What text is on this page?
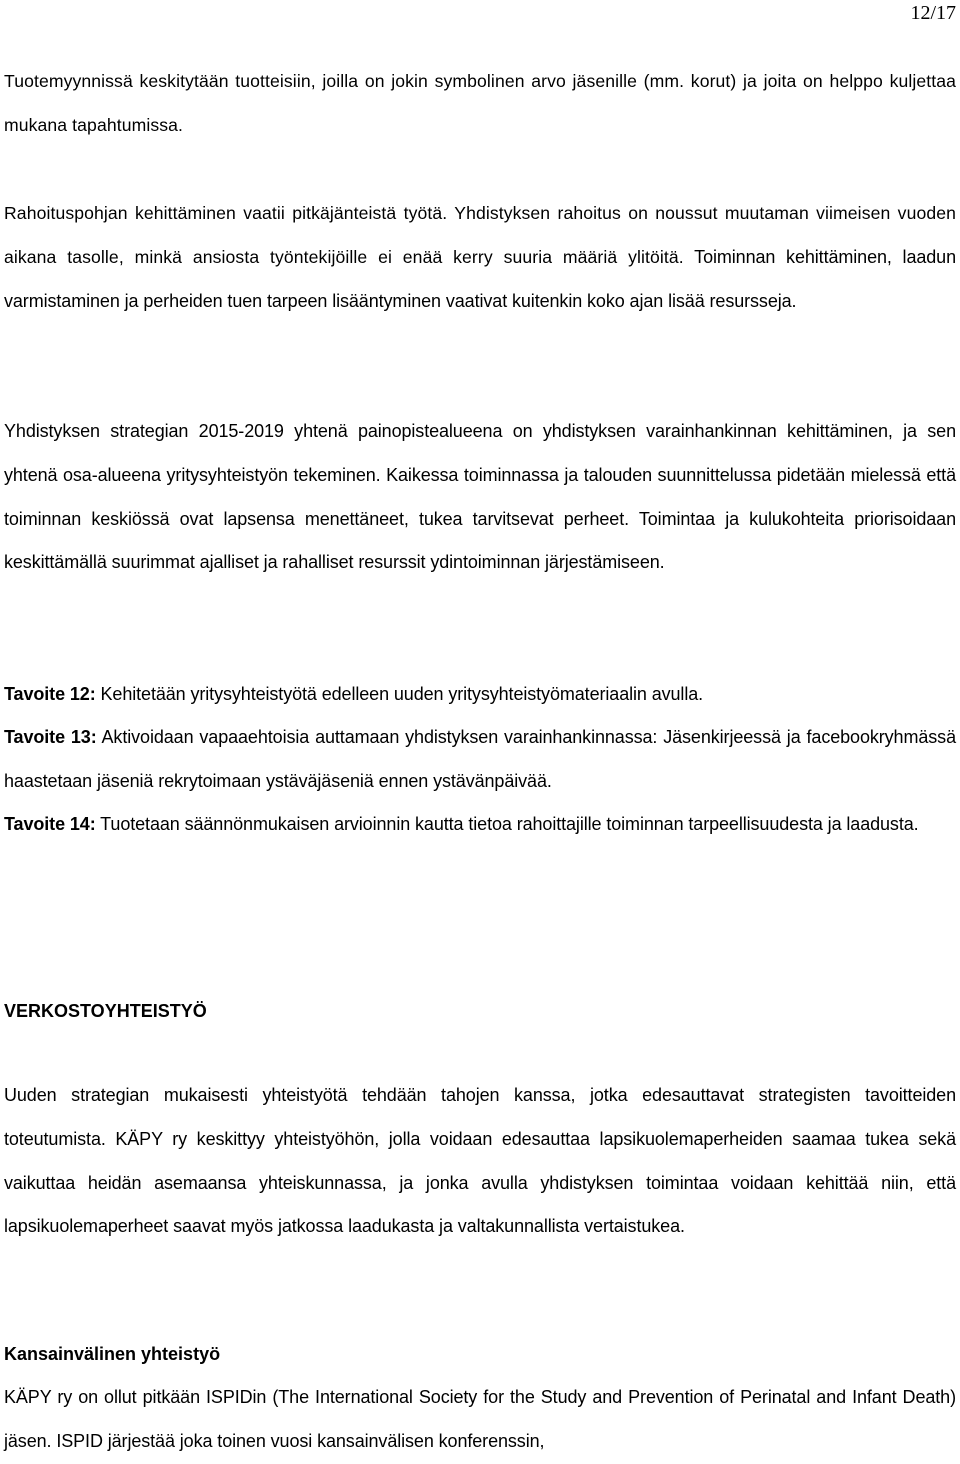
12/17

Tuotemyynnissä keskitytään tuotteisiin, joilla on jokin symbolinen arvo jäsenille (mm. korut) ja joita on helppo kuljettaa mukana tapahtumissa.

Rahoituspohjan kehittäminen vaatii pitkäjänteistä työtä. Yhdistyksen rahoitus on noussut muutaman viimeisen vuoden aikana tasolle, minkä ansiosta työntekijöille ei enää kerry suuria määriä ylitöitä. Toiminnan kehittäminen, laadun varmistaminen ja perheiden tuen tarpeen lisääntyminen vaativat kuitenkin koko ajan lisää resursseja.

Yhdistyksen strategian 2015-2019 yhtenä painopistealueena on yhdistyksen varainhankinnan kehittäminen, ja sen yhtenä osa-alueena yritysyhteistyön tekeminen. Kaikessa toiminnassa ja talouden suunnittelussa pidetään mielessä että toiminnan keskiössä ovat lapsensa menettäneet, tukea tarvitsevat perheet. Toimintaa ja kulukohteita priorisoidaan keskittämällä suurimmat ajalliset ja rahalliset resurssit ydintoiminnan järjestämiseen.

Tavoite 12: Kehitetään yritysyhteistyötä edelleen uuden yritysyhteistyömateriaalin avulla.

Tavoite 13: Aktivoidaan vapaaehtoisia auttamaan yhdistyksen varainhankinnassa: Jäsenkirjeessä ja facebookryhmässä haastetaan jäseniä rekrytoimaan ystäväjäseniä ennen ystävänpäivää.

Tavoite 14: Tuotetaan säännönmukaisen arvioinnin kautta tietoa rahoittajille toiminnan tarpeellisuudesta ja laadusta.

VERKOSTOYHTEISTYÖ

Uuden strategian mukaisesti yhteistyötä tehdään tahojen kanssa, jotka edesauttavat strategisten tavoitteiden toteutumista. KÄPY ry keskittyy yhteistyöhön, jolla voidaan edesauttaa lapsikuolemaperheiden saamaa tukea sekä vaikuttaa heidän asemaansa yhteiskunnassa, ja jonka avulla yhdistyksen toimintaa voidaan kehittää niin, että lapsikuolemaperheet saavat myös jatkossa laadukasta ja valtakunnallista vertaistukea.

Kansainvälinen yhteistyö

KÄPY ry on ollut pitkään ISPIDin (The International Society for the Study and Prevention of Perinatal and Infant Death) jäsen. ISPID järjestää joka toinen vuosi kansainvälisen konferenssin,
